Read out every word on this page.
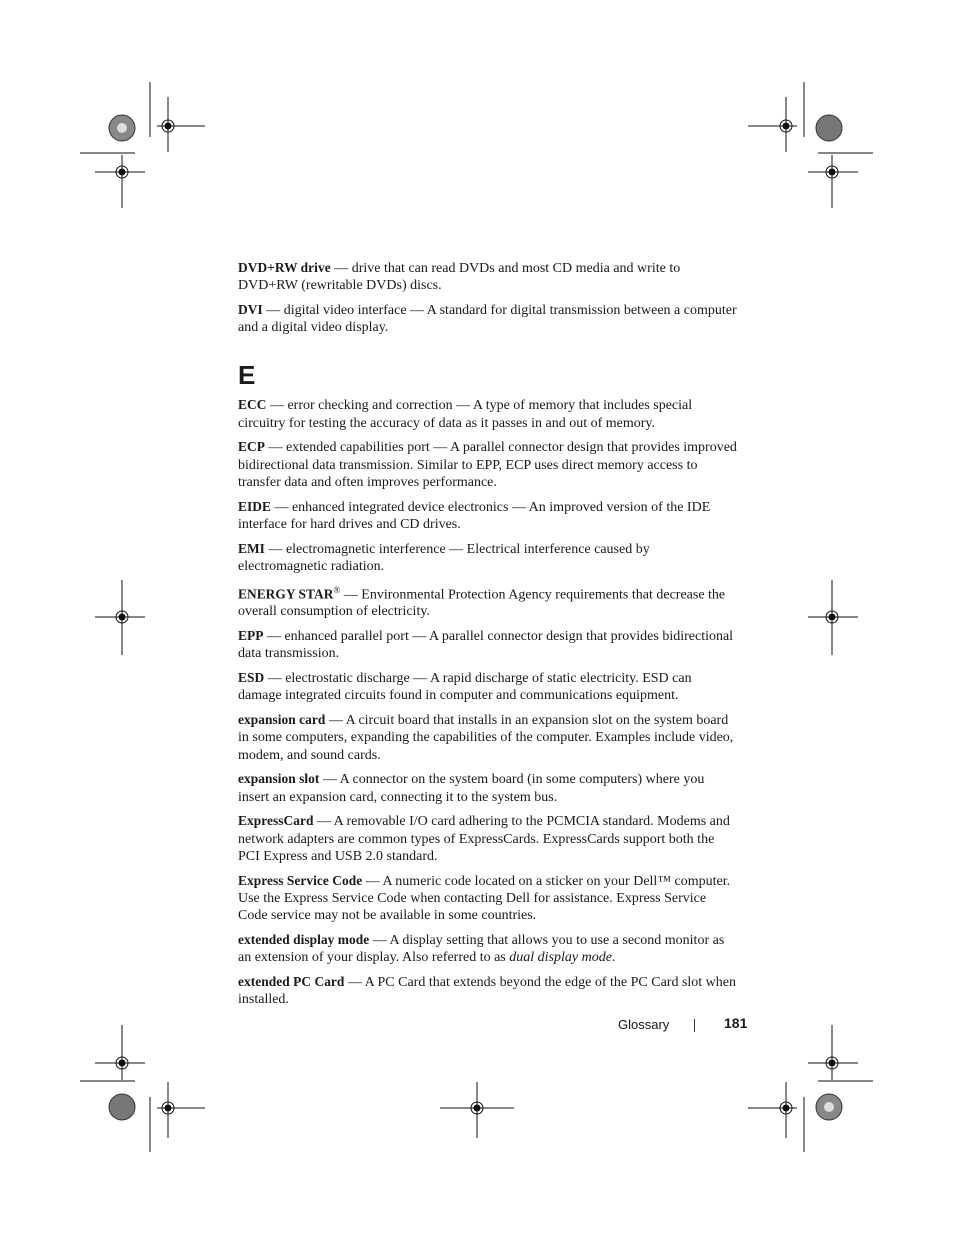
DVD+RW drive — drive that can read DVDs and most CD media and write to DVD+RW (rewritable DVDs) discs.

DVI — digital video interface — A standard for digital transmission between a computer and a digital video display.

E

ECC — error checking and correction — A type of memory that includes special circuitry for testing the accuracy of data as it passes in and out of memory.

ECP — extended capabilities port — A parallel connector design that provides improved bidirectional data transmission. Similar to EPP, ECP uses direct memory access to transfer data and often improves performance.

EIDE — enhanced integrated device electronics — An improved version of the IDE interface for hard drives and CD drives.

EMI — electromagnetic interference — Electrical interference caused by electromagnetic radiation.

ENERGY STAR® — Environmental Protection Agency requirements that decrease the overall consumption of electricity.

EPP — enhanced parallel port — A parallel connector design that provides bidirectional data transmission.

ESD — electrostatic discharge — A rapid discharge of static electricity. ESD can damage integrated circuits found in computer and communications equipment.

expansion card — A circuit board that installs in an expansion slot on the system board in some computers, expanding the capabilities of the computer. Examples include video, modem, and sound cards.

expansion slot — A connector on the system board (in some computers) where you insert an expansion card, connecting it to the system bus.

ExpressCard — A removable I/O card adhering to the PCMCIA standard. Modems and network adapters are common types of ExpressCards. ExpressCards support both the PCI Express and USB 2.0 standard.

Express Service Code — A numeric code located on a sticker on your Dell™ computer. Use the Express Service Code when contacting Dell for assistance. Express Service Code service may not be available in some countries.

extended display mode — A display setting that allows you to use a second monitor as an extension of your display. Also referred to as dual display mode.

extended PC Card — A PC Card that extends beyond the edge of the PC Card slot when installed.

Glossary	181
